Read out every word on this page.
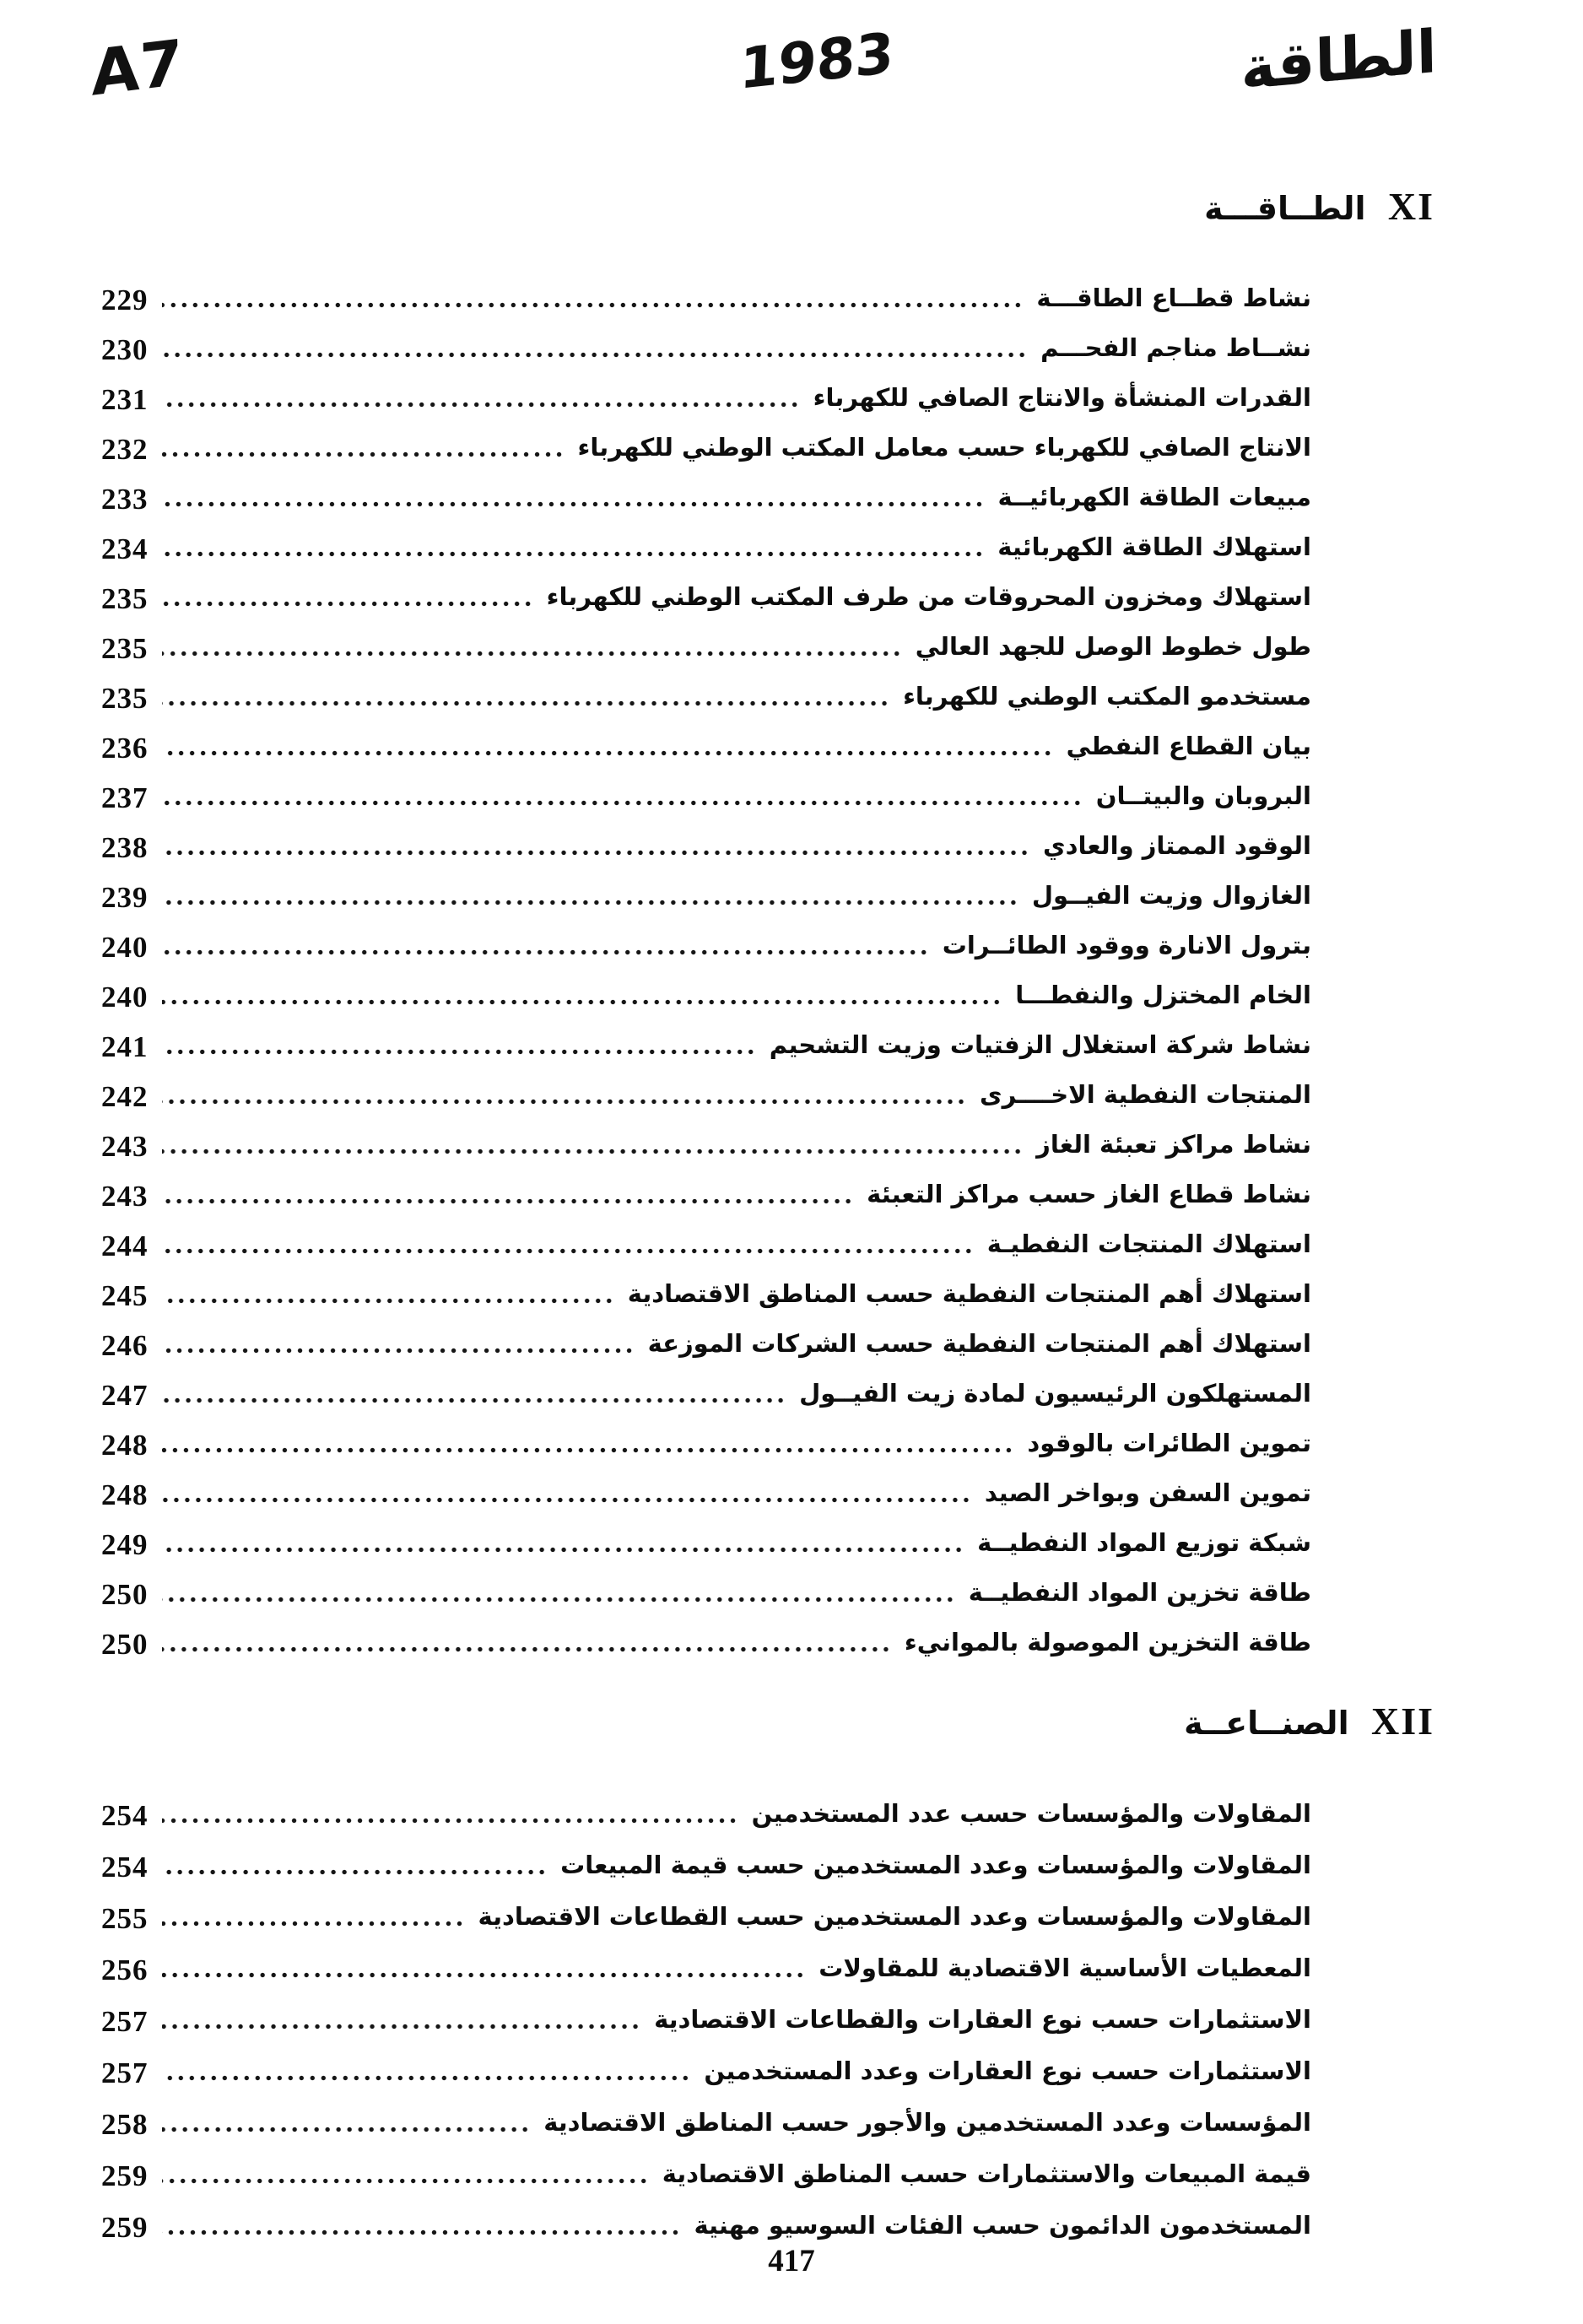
A7	1983	الطاقة
XI الطــاقـــة
نشاط قطــاع الطاقـــة
229
نشــاط مناجم الفحـــم
230
القدرات المنشأة والانتاج الصافي للكهرباء
231
الانتاج الصافي للكهرباء حسب معامل المكتب الوطني للكهرباء
232
مبيعات الطاقة الكهربائيــة
233
استهلاك الطاقة الكهربائية
234
استهلاك ومخزون المحروقات من طرف المكتب الوطني للكهرباء
235
طول خطوط الوصل للجهد العالي
235
مستخدمو المكتب الوطني للكهرباء
235
بيان القطاع النفطي
236
البروبان والبيتــان
237
الوقود الممتاز والعادي
238
الغازوال وزيت الفيــول
239
بترول الانارة ووقود الطائــرات
240
الخام المختزل والنفطـــا
240
نشاط شركة استغلال الزفتيات وزيت التشحيم
241
المنتجات النفطية الاخــــرى
242
نشاط مراكز تعبئة الغاز
243
نشاط قطاع الغاز حسب مراكز التعبئة
243
استهلاك المنتجات النفطيـة
244
استهلاك أهم المنتجات النفطية حسب المناطق الاقتصادية
245
استهلاك أهم المنتجات النفطية حسب الشركات الموزعة
246
المستهلكون الرئيسيون لمادة زيت الفيــول
247
تموين الطائرات بالوقود
248
تموين السفن وبواخر الصيد
248
شبكة توزيع المواد النفطيــة
249
طاقة تخزين المواد النفطيــة
250
طاقة التخزين الموصولة بالموانيء
250
XII الصنــاعــة
المقاولات والمؤسسات حسب عدد المستخدمين
254
المقاولات والمؤسسات وعدد المستخدمين حسب قيمة المبيعات
254
المقاولات والمؤسسات وعدد المستخدمين حسب القطاعات الاقتصادية
255
المعطيات الأساسية الاقتصادية للمقاولات
256
الاستثمارات حسب نوع العقارات والقطاعات الاقتصادية
257
الاستثمارات حسب نوع العقارات وعدد المستخدمين
257
المؤسسات وعدد المستخدمين والأجور حسب المناطق الاقتصادية
258
قيمة المبيعات والاستثمارات حسب المناطق الاقتصادية
259
المستخدمون الدائمون حسب الفئات السوسيو مهنية
259
417
